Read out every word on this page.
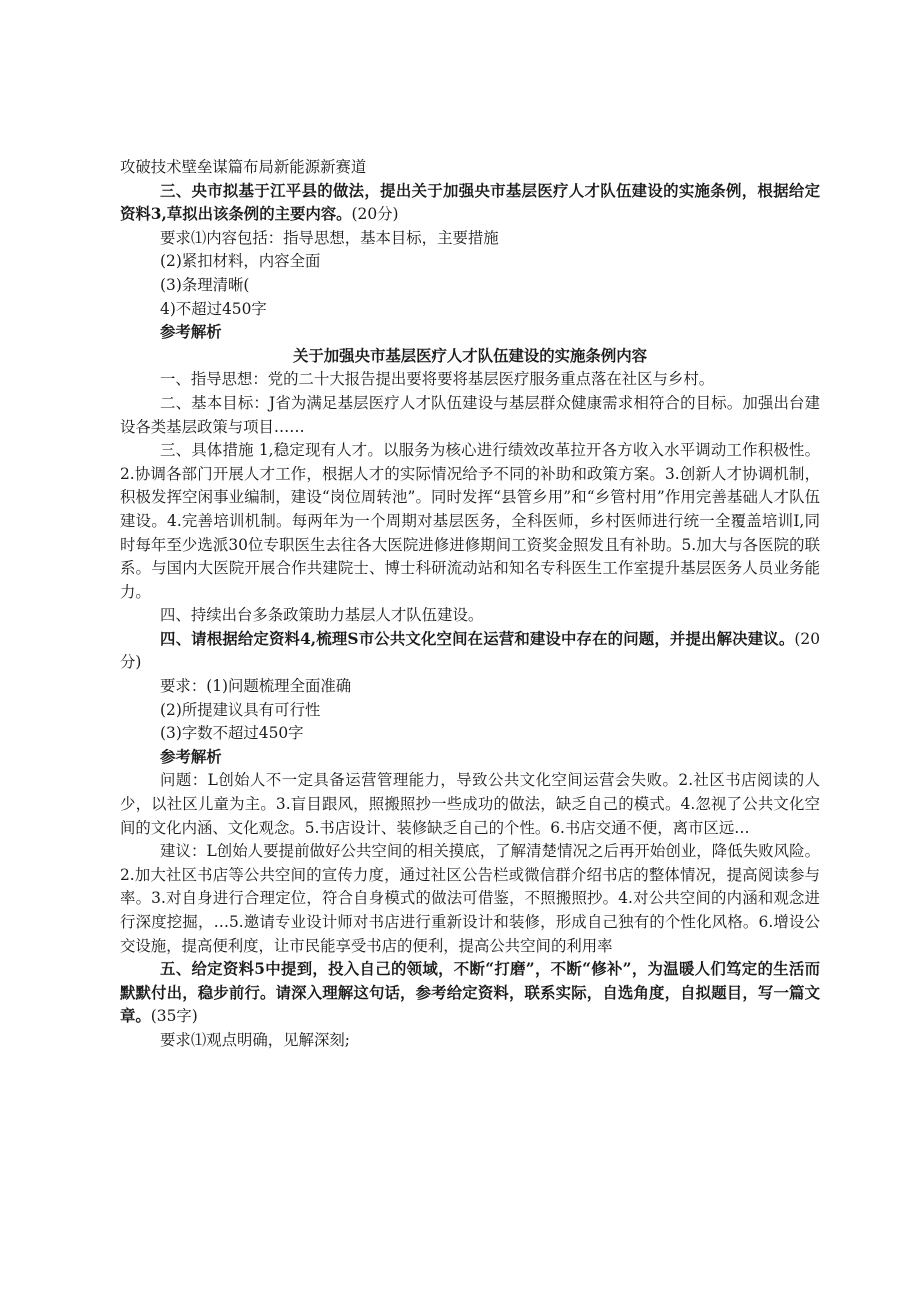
攻破技术壁垒谋篇布局新能源新赛道

三、央市拟基于江平县的做法，提出关于加强央市基层医疗人才队伍建设的实施条例，根据给定资料3,草拟出该条例的主要内容。(20分)

要求⑴内容包括：指导思想，基本目标，主要措施

(2)紧扣材料，内容全面

(3)条理清晰(

4)不超过450字

参考解析

关于加强央市基层医疗人才队伍建设的实施条例内容

一、指导思想：党的二十大报告提出要将要将基层医疗服务重点落在社区与乡村。

二、基本目标：J省为满足基层医疗人才队伍建设与基层群众健康需求相符合的目标。加强出台建设各类基层政策与项目……

三、具体措施 1,稳定现有人才。以服务为核心进行绩效改革拉开各方收入水平调动工作积极性。2.协调各部门开展人才工作，根据人才的实际情况给予不同的补助和政策方案。3.创新人才协调机制，积极发挥空闲事业编制，建设“岗位周转池”。同时发挥“县管乡用”和“乡管村用”作用完善基础人才队伍建设。4.完善培训机制。每两年为一个周期对基层医务，全科医师，乡村医师进行统一全覆盖培训I,同时每年至少选派30位专职医生去往各大医院进修进修期间工资奖金照发且有补助。5.加大与各医院的联系。与国内大医院开展合作共建院士、博士科研流动站和知名专科医生工作室提升基层医务人员业务能力。

四、持续出台多条政策助力基层人才队伍建设。

四、请根据给定资料4,梳理S市公共文化空间在运营和建设中存在的问题，并提出解决建议。(20分)

要求：(1)问题梳理全面准确

(2)所提建议具有可行性

(3)字数不超过450字

参考解析

问题：L创始人不一定具备运营管理能力，导致公共文化空间运营会失败。2.社区书店阅读的人少，以社区儿童为主。3.盲目跟风，照搬照抄一些成功的做法，缺乏自己的模式。4.忽视了公共文化空间的文化内涵、文化观念。5.书店设计、装修缺乏自己的个性。6.书店交通不便，离市区远…

建议：L创始人要提前做好公共空间的相关摸底，了解清楚情况之后再开始创业，降低失败风险。2.加大社区书店等公共空间的宣传力度，通过社区公告栏或微信群介绍书店的整体情况，提高阅读参与率。3.对自身进行合理定位，符合自身模式的做法可借鉴，不照搬照抄。4.对公共空间的内涵和观念进行深度挖掘，…5.邀请专业设计师对书店进行重新设计和装修，形成自己独有的个性化风格。6.增设公交设施，提高便利度，让市民能享受书店的便利，提高公共空间的利用率

五、给定资料5中提到，投入自己的领域，不断“打磨”，不断“修补”，为温暖人们笃定的生活而默默付出，稳步前行。请深入理解这句话，参考给定资料，联系实际，自选角度，自拟题目，写一篇文章。(35字)

要求⑴观点明确，见解深刻;
